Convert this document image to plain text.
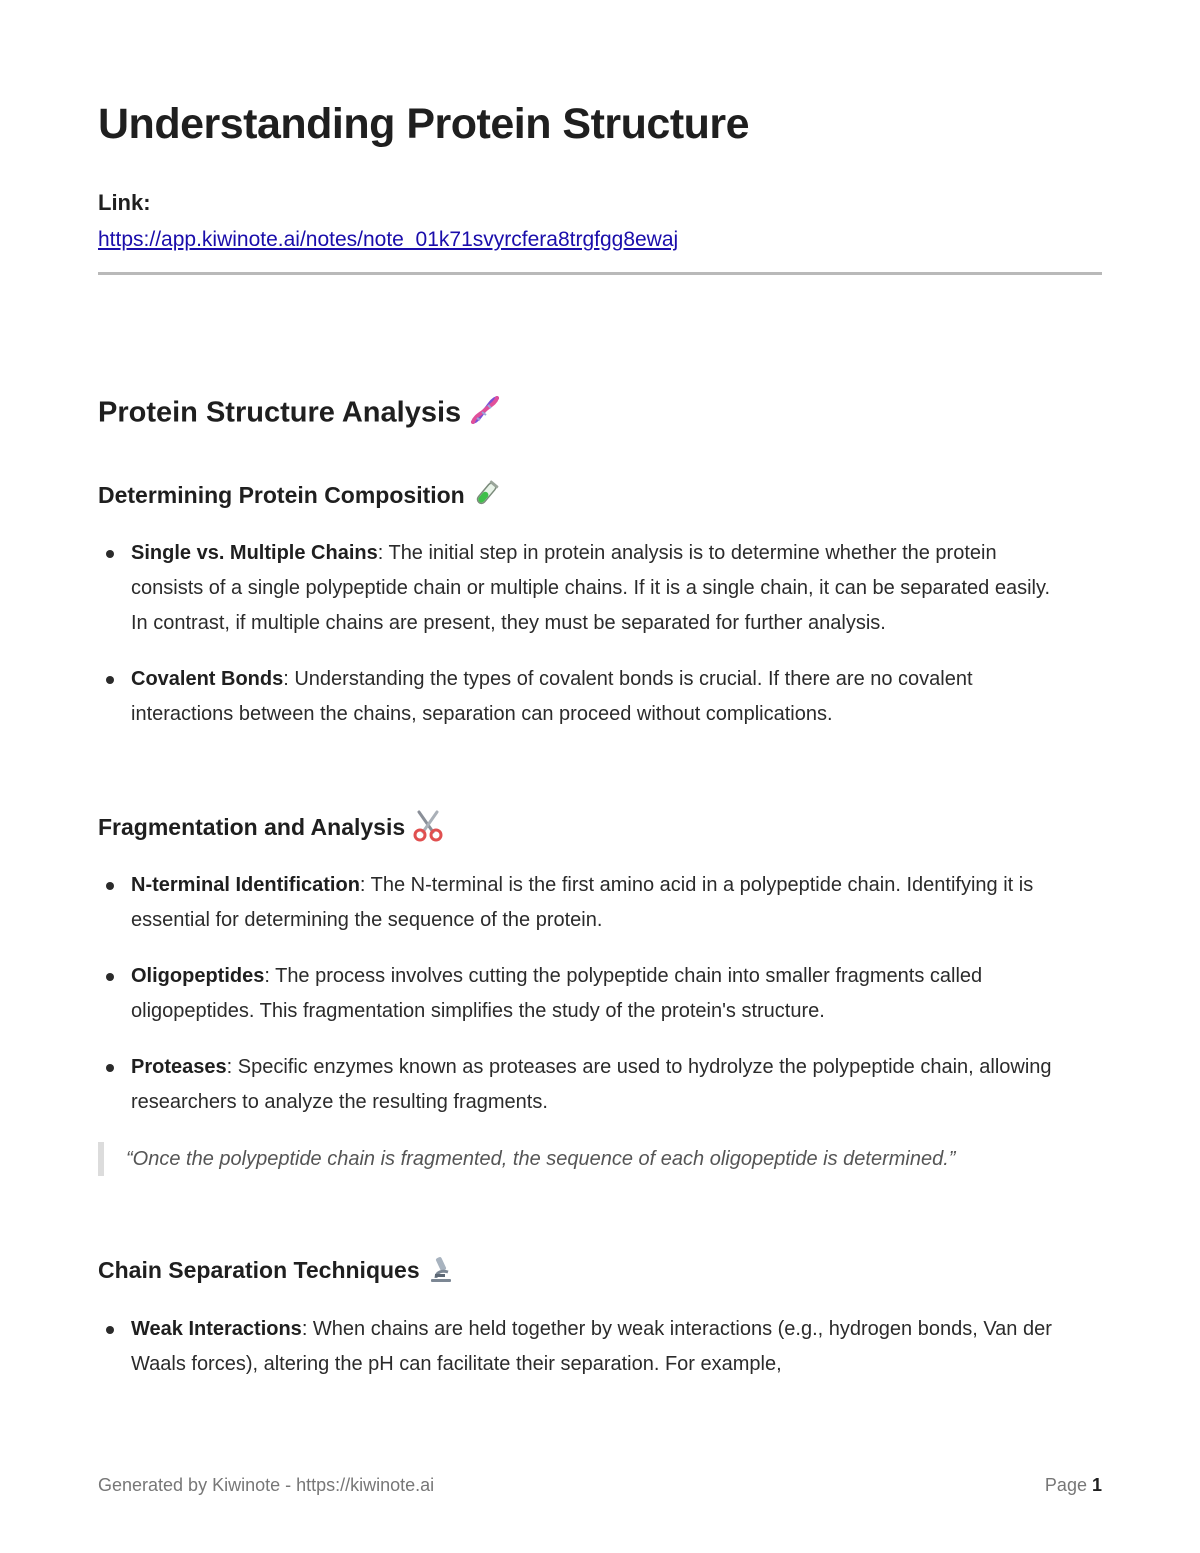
Understanding Protein Structure
Link:
https://app.kiwinote.ai/notes/note_01k71svyrcfera8trgfgg8ewaj
Protein Structure Analysis
Determining Protein Composition
Single vs. Multiple Chains: The initial step in protein analysis is to determine whether the protein consists of a single polypeptide chain or multiple chains. If it is a single chain, it can be separated easily. In contrast, if multiple chains are present, they must be separated for further analysis.
Covalent Bonds: Understanding the types of covalent bonds is crucial. If there are no covalent interactions between the chains, separation can proceed without complications.
Fragmentation and Analysis
N-terminal Identification: The N-terminal is the first amino acid in a polypeptide chain. Identifying it is essential for determining the sequence of the protein.
Oligopeptides: The process involves cutting the polypeptide chain into smaller fragments called oligopeptides. This fragmentation simplifies the study of the protein's structure.
Proteases: Specific enzymes known as proteases are used to hydrolyze the polypeptide chain, allowing researchers to analyze the resulting fragments.
“Once the polypeptide chain is fragmented, the sequence of each oligopeptide is determined.”
Chain Separation Techniques
Weak Interactions: When chains are held together by weak interactions (e.g., hydrogen bonds, Van der Waals forces), altering the pH can facilitate their separation. For example,
Generated by Kiwinote - https://kiwinote.ai	Page 1
